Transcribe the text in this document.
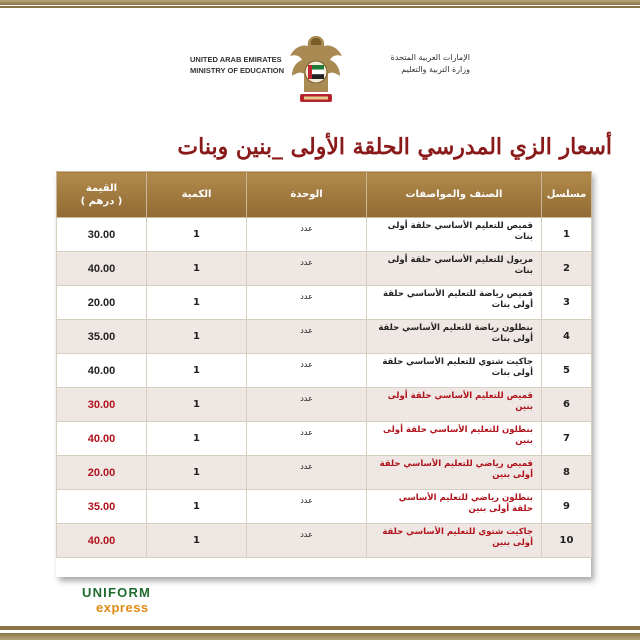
UNITED ARAB EMIRATES
MINISTRY OF EDUCATION
الإمارات العربية المتحدة
وزارة التربية والتعليم
أسعار الزي المدرسي الحلقة الأولى _بنين وبنات
مسلسل	الصنف والمواصفات	الوحدة	الكمية	القيمة
( درهم )

1	قميص للتعليم الأساسي حلقة أولى بنات	عدد	1	30.00
2	مريول للتعليم الأساسي حلقة أولى بنات	عدد	1	40.00
3	قميص رياضة للتعليم الأساسي حلقة أولى بنات	عدد	1	20.00
4	بنطلون رياضة للتعليم الأساسي حلقة أولى بنات	عدد	1	35.00
5	جاكيت شتوي للتعليم الأساسي حلقة أولى بنات	عدد	1	40.00
6	قميص للتعليم الأساسي حلقة أولى بنين	عدد	1	30.00
7	بنطلون للتعليم الأساسي حلقة أولى بنين	عدد	1	40.00
8	قميص رياضي للتعليم الأساسي حلقة أولى بنين	عدد	1	20.00
9	بنطلون رياضي للتعليم الأساسي حلقة أولى بنين	عدد	1	35.00
10	جاكيت شتوي للتعليم الأساسي حلقة أولى بنين	عدد	1	40.00
UNIFORM
express
